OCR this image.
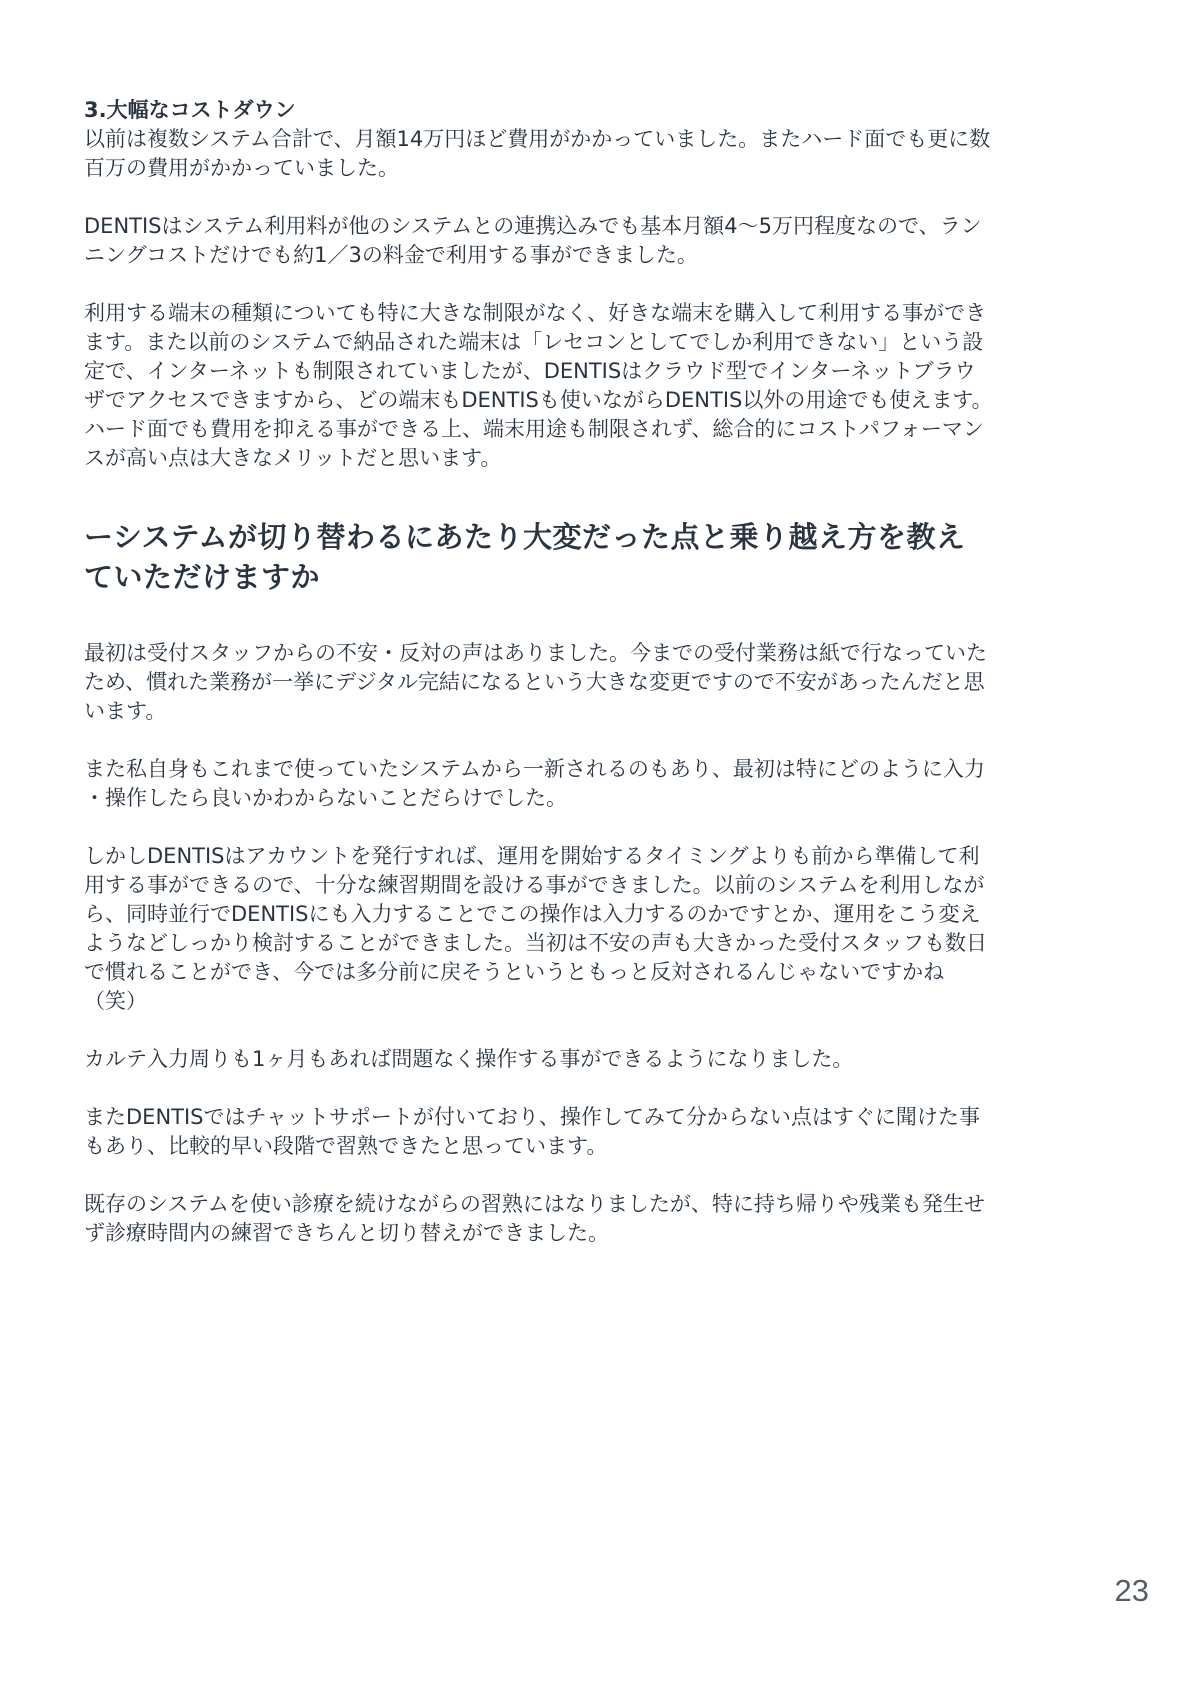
3.大幅なコストダウン

以前は複数システム合計で、月額14万円ほど費用がかかっていました。またハード面でも更に数
百万の費用がかかっていました。

DENTISはシステム利用料が他のシステムとの連携込みでも基本月額4〜5万円程度なので、ラン
ニングコストだけでも約1／3の料金で利用する事ができました。

利用する端末の種類についても特に大きな制限がなく、好きな端末を購入して利用する事ができ
ます。また以前のシステムで納品された端末は「レセコンとしてでしか利用できない」という設
定で、インターネットも制限されていましたが、DENTISはクラウド型でインターネットブラウ
ザでアクセスできますから、どの端末もDENTISも使いながらDENTIS以外の用途でも使えます。
ハード面でも費用を抑える事ができる上、端末用途も制限されず、総合的にコストパフォーマン
スが高い点は大きなメリットだと思います。

ーシステムが切り替わるにあたり大変だった点と乗り越え方を教え
ていただけますか

最初は受付スタッフからの不安・反対の声はありました。今までの受付業務は紙で行なっていた
ため、慣れた業務が一挙にデジタル完結になるという大きな変更ですので不安があったんだと思
います。

また私自身もこれまで使っていたシステムから一新されるのもあり、最初は特にどのように入力
・操作したら良いかわからないことだらけでした。

しかしDENTISはアカウントを発行すれば、運用を開始するタイミングよりも前から準備して利
用する事ができるので、十分な練習期間を設ける事ができました。以前のシステムを利用しなが
ら、同時並行でDENTISにも入力することでこの操作は入力するのかですとか、運用をこう変え
ようなどしっかり検討することができました。当初は不安の声も大きかった受付スタッフも数日
で慣れることができ、今では多分前に戻そうというともっと反対されるんじゃないですかね
（笑）

カルテ入力周りも1ヶ月もあれば問題なく操作する事ができるようになりました。

またDENTISではチャットサポートが付いており、操作してみて分からない点はすぐに聞けた事
もあり、比較的早い段階で習熟できたと思っています。

既存のシステムを使い診療を続けながらの習熟にはなりましたが、特に持ち帰りや残業も発生せ
ず診療時間内の練習できちんと切り替えができました。

23
